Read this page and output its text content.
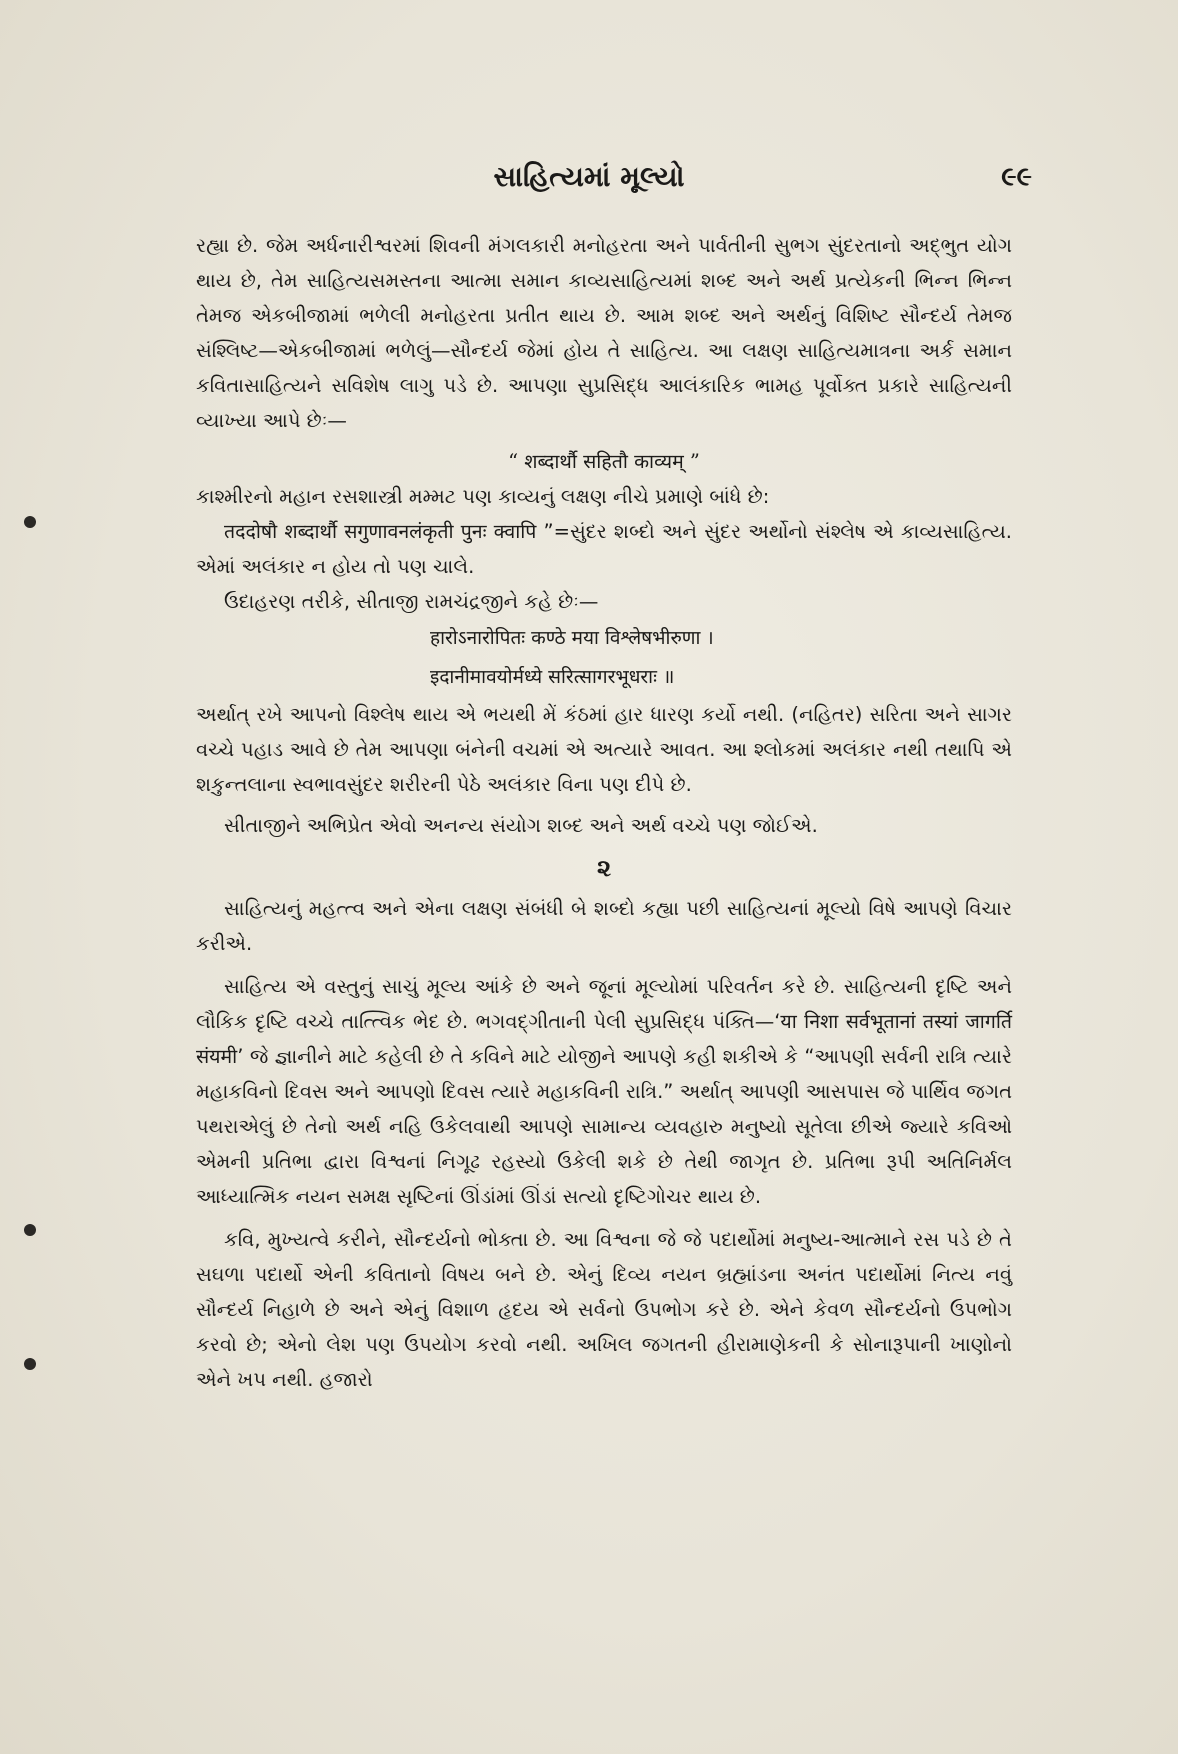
સાહિત્યમાં મૂલ્યો	૯૯

રહ્યા છે. જેમ અર્ધનારીશ્વરમાં શિવની મંગલકારી મનોહરતા અને પાર્વતીની સુભગ સુંદરતાનો અદ્ભુત યોગ થાય છે, તેમ સાહિત્યસમસ્તના આત્મા સમાન કાવ્યસાહિત્યમાં શબ્દ અને અર્થ પ્રત્યેકની ભિન્ન ભિન્ન તેમજ એકબીજામાં ભળેલી મનોહરતા પ્રતીત થાય છે. આમ શબ્દ અને અર્થનું વિશિષ્ટ સૌન્દર્ય તેમજ સંશ્લિષ્ટ—એકબીજામાં ભળેલું—સૌન્દર્ય જેમાં હોય તે સાહિત્ય. આ લક્ષણ સાહિત્યમાત્રના અર્ક સમાન કવિતાસાહિત્યને સવિશેષ લાગુ પડે છે. આપણા સુપ્રસિદ્ધ આલંકારિક ભામહ પૂર્વોક્ત પ્રકારે સાહિત્યની વ્યાખ્યા આપે છેઃ—

“ शब्दार्थौ सहितौ काव्यम् ”

કાશ્મીરનો મહાન રસશાસ્ત્રી મમ્મટ પણ કાવ્યનું લક્ષણ નીચે પ્રમાણે બાંધે છે:

तददोषौ शब्दार्थौ सगुणावनलंकृती पुनः क्वापि ”=સુંદર શબ્દો અને સુંદર અર્થોનો સંશ્લેષ એ કાવ્યસાહિત્ય. એમાં અલંકાર ન હોય તો પણ ચાલે.

ઉદાહરણ તરીકે, સીતાજી રામચંદ્રજીને કહે છેઃ—

हारोऽनारोपितः कण्ठे मया विश्लेषभीरुणा ।

इदानीमावयोर्मध्ये सरित्सागरभूधराः ॥

અર્થાત્ રખે આપનો વિશ્લેષ થાય એ ભયથી મેં કંઠમાં હાર ધારણ કર્યો નથી. (નહિતર) સરિતા અને સાગર વચ્ચે પહાડ આવે છે તેમ આપણા બંનેની વચમાં એ અત્યારે આવત. આ શ્લોકમાં અલંકાર નથી તથાપિ એ શકુન્તલાના સ્વભાવસુંદર શરીરની પેઠે અલંકાર વિના પણ દીપે છે.

સીતાજીને અભિપ્રેત એવો અનન્ય સંયોગ શબ્દ અને અર્થ વચ્ચે પણ જોઈએ.

૨

સાહિત્યનું મહત્ત્વ અને એના લક્ષણ સંબંધી બે શબ્દો કહ્યા પછી સાહિત્યનાં મૂલ્યો વિષે આપણે વિચાર કરીએ.

સાહિત્ય એ વસ્તુનું સાચું મૂલ્ય આંકે છે અને જૂનાં મૂલ્યોમાં પરિવર્તન કરે છે. સાહિત્યની દૃષ્ટિ અને લૌકિક દૃષ્ટિ વચ્ચે તાત્ત્વિક ભેદ છે. ભગવદ્ગીતાની પેલી સુપ્રસિદ્ધ પંક્તિ—‘या निशा सर्वभूतानां तस्यां जागर्ति संयमी’ જે જ્ઞાનીને માટે કહેલી છે તે કવિને માટે યોજીને આપણે કહી શકીએ કે “આપણી સર્વની રાત્રિ ત્યારે મહાકવિનો દિવસ અને આપણો દિવસ ત્યારે મહાકવિની રાત્રિ.” અર્થાત્ આપણી આસપાસ જે પાર્થિવ જગત પથરાએલું છે તેનો અર્થ નહિ ઉકેલવાથી આપણે સામાન્ય વ્યવહારુ મનુષ્યો સૂતેલા છીએ જ્યારે કવિઓ એમની પ્રતિભા દ્વારા વિશ્વનાં નિગૂઢ રહસ્યો ઉકેલી શકે છે તેથી જાગૃત છે. પ્રતિભા રૂપી અતિનિર્મલ આધ્યાત્મિક નયન સમક્ષ સૃષ્ટિનાં ઊંડાંમાં ઊંડાં સત્યો દૃષ્ટિગોચર થાય છે.

કવિ, મુખ્યત્વે કરીને, સૌન્દર્યનો ભોક્તા છે. આ વિશ્વના જે જે પદાર્થોમાં મનુષ્ય-આત્માને રસ પડે છે તે સઘળા પદાર્થો એની કવિતાનો વિષય બને છે. એનું દિવ્ય નયન બ્રહ્માંડના અનંત પદાર્થોમાં નિત્ય નવું સૌન્દર્ય નિહાળે છે અને એનું વિશાળ હૃદય એ સર્વનો ઉપભોગ કરે છે. એને કેવળ સૌન્દર્યનો ઉપભોગ કરવો છે; એનો લેશ પણ ઉપયોગ કરવો નથી. અખિલ જગતની હીરામાણેકની કે સોનારૂપાની ખાણોનો એને ખપ નથી. હજારો
